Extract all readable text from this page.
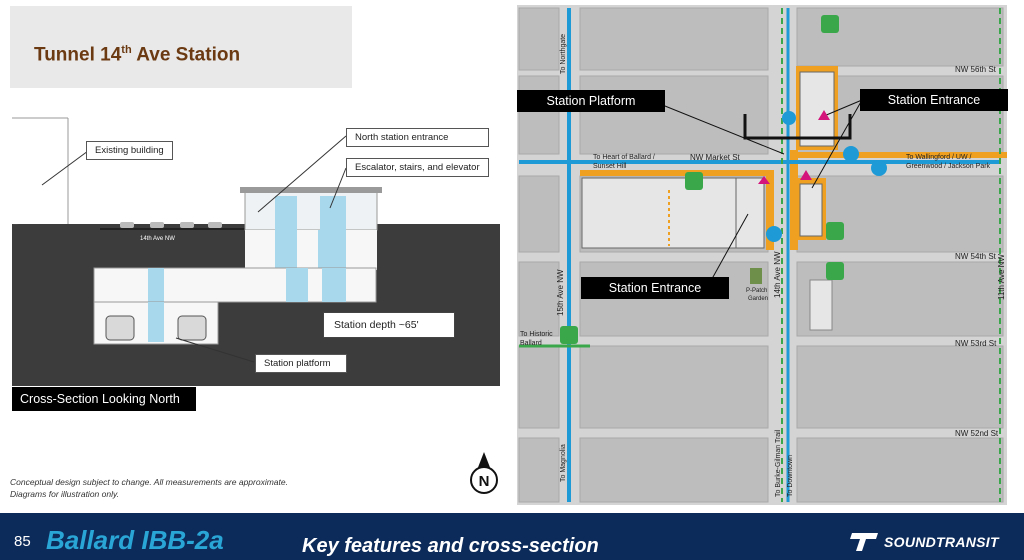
Tunnel 14th Ave Station
14th Ave NW
Existing building
North station entrance
Escalator, stairs, and elevator
Station platform
Station depth ~65'
Cross-Section Looking North
Conceptual design subject to change. All measurements are approximate.
Diagrams for illustration only.
N
NW 56th St
NW 54th St
NW 53rd St
NW 52nd St
NW Market St
15th Ave NW	14th Ave NW	11th Ave NW
To Northgate
To Heart of Ballard /
Sunset Hill
To Wallingford / UW /
Greenwood / Jackson Park
To Historic
Ballard
To Magnolia	To Burke-Gilman Trail To Downtown
P-Patch
Garden
Station Platform	Station Entrance
Station Entrance
85 Ballard IBB-2a	Key features and cross-section	SOUNDTRANSIT
